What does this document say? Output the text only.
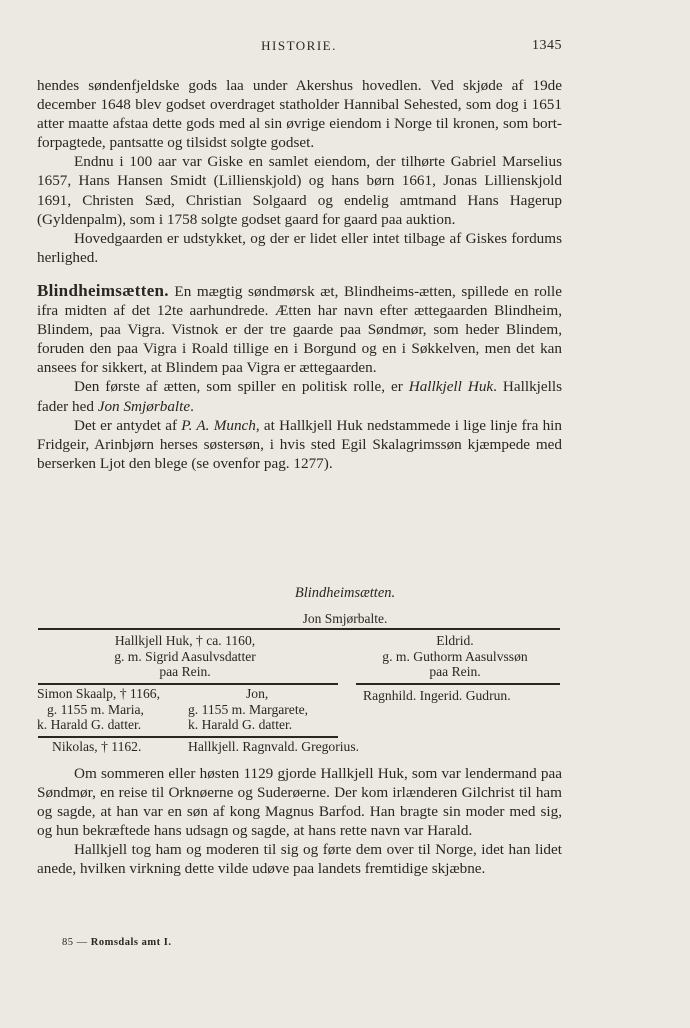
HISTORIE.	1345

hendes søndenfjeldske gods laa under Akershus hovedlen. Ved skjøde af 19de december 1648 blev godset overdraget statholder Hannibal Sehested, som dog i 1651 atter maatte afstaa dette gods med al sin øvrige eiendom i Norge til kronen, som bort-forpagtede, pantsatte og tilsidst solgte godset.

Endnu i 100 aar var Giske en samlet eiendom, der tilhørte Gabriel Marselius 1657, Hans Hansen Smidt (Lillienskjold) og hans børn 1661, Jonas Lillienskjold 1691, Christen Sæd, Christian Solgaard og endelig amtmand Hans Hagerup (Gyldenpalm), som i 1758 solgte godset gaard for gaard paa auktion.

Hovedgaarden er udstykket, og der er lidet eller intet tilbage af Giskes fordums herlighed.

Blindheimsætten. En mægtig søndmørsk æt, Blindheims-ætten, spillede en rolle ifra midten af det 12te aarhundrede. Ætten har navn efter ættegaarden Blindheim, Blindem, paa Vigra. Vistnok er der tre gaarde paa Søndmør, som heder Blindem, foruden den paa Vigra i Roald tillige en i Borgund og en i Søkkelven, men det kan ansees for sikkert, at Blindem paa Vigra er ættegaarden.

Den første af ætten, som spiller en politisk rolle, er Hallkjell Huk. Hallkjells fader hed Jon Smjørbalte.

Det er antydet af P. A. Munch, at Hallkjell Huk nedstammede i lige linje fra hin Fridgeir, Arinbjørn herses søstersøn, i hvis sted Egil Skalagrimssøn kjæmpede med berserken Ljot den blege (se ovenfor pag. 1277).

Blindheimsætten.
Jon Smjørbalte.
Hallkjell Huk, † ca. 1160,
g. m. Sigrid Aasulvsdatter
paa Rein.
Eldrid.
g. m. Guthorm Aasulvssøn
paa Rein.
Simon Skaalp, † 1166,
g. 1155 m. Maria,
k. Harald G. datter.
Jon,
g. 1155 m. Margarete,
k. Harald G. datter.
Ragnhild. Ingerid. Gudrun.
Nikolas, † 1162.	Hallkjell. Ragnvald. Gregorius.

Om sommeren eller høsten 1129 gjorde Hallkjell Huk, som var lendermand paa Søndmør, en reise til Orknøerne og Suderøerne. Der kom irlænderen Gilchrist til ham og sagde, at han var en søn af kong Magnus Barfod. Han bragte sin moder med sig, og hun bekræftede hans udsagn og sagde, at hans rette navn var Harald.

Hallkjell tog ham og moderen til sig og førte dem over til Norge, idet han lidet anede, hvilken virkning dette vilde udøve paa landets fremtidige skjæbne.

85 — Romsdals amt I.
